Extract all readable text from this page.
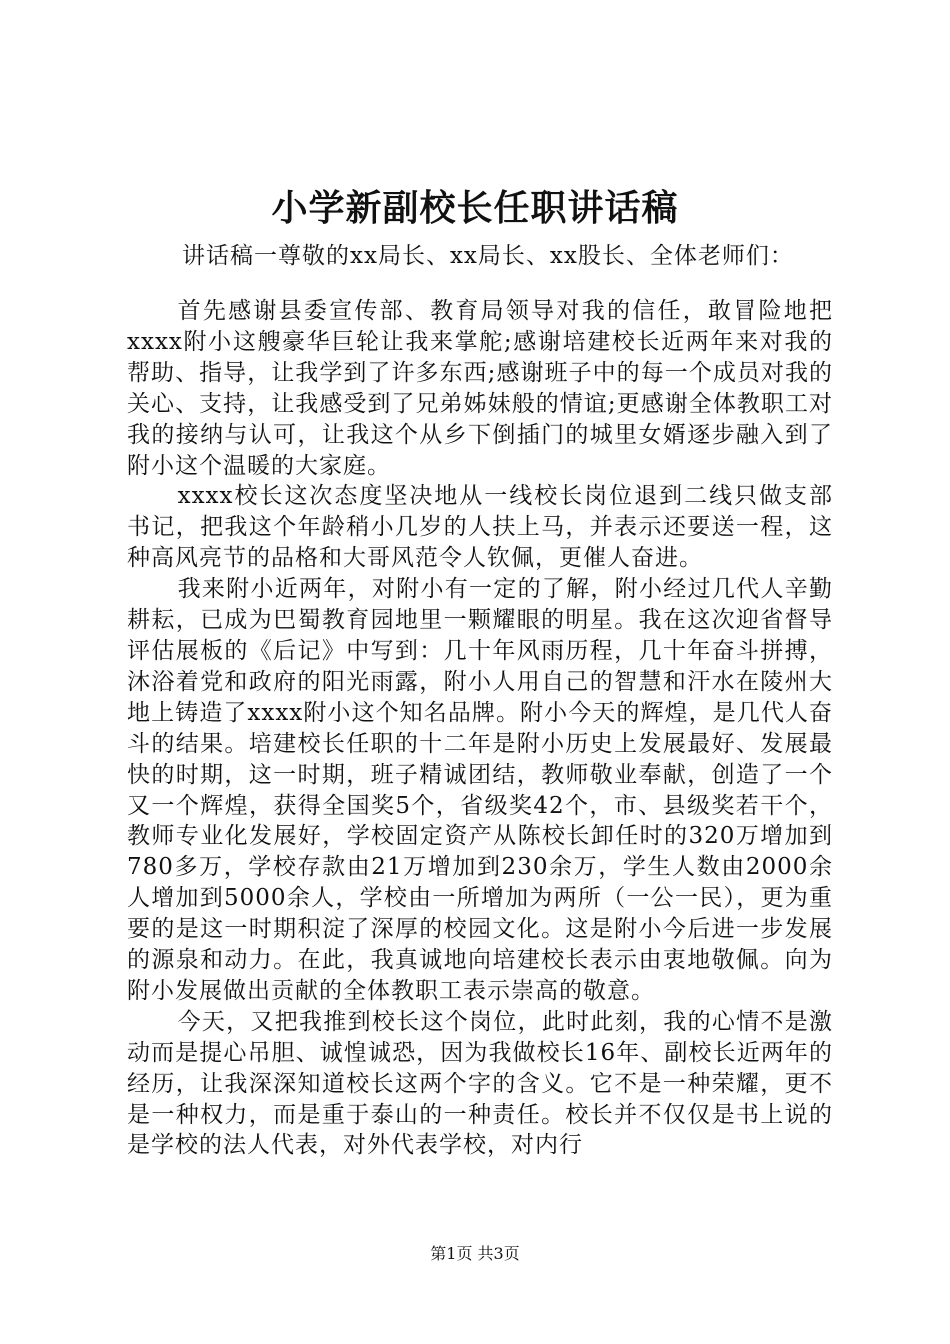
小学新副校长任职讲话稿

讲话稿一尊敬的xx局长、xx局长、xx股长、全体老师们：

首先感谢县委宣传部、教育局领导对我的信任，敢冒险地把xxxx附小这艘豪华巨轮让我来掌舵;感谢培建校长近两年来对我的帮助、指导，让我学到了许多东西;感谢班子中的每一个成员对我的关心、支持，让我感受到了兄弟姊妹般的情谊;更感谢全体教职工对我的接纳与认可，让我这个从乡下倒插门的城里女婿逐步融入到了附小这个温暖的大家庭。

xxxx校长这次态度坚决地从一线校长岗位退到二线只做支部书记，把我这个年龄稍小几岁的人扶上马，并表示还要送一程，这种高风亮节的品格和大哥风范令人钦佩，更催人奋进。

我来附小近两年，对附小有一定的了解，附小经过几代人辛勤耕耘，已成为巴蜀教育园地里一颗耀眼的明星。我在这次迎省督导评估展板的《后记》中写到：几十年风雨历程，几十年奋斗拼搏，沐浴着党和政府的阳光雨露，附小人用自己的智慧和汗水在陵州大地上铸造了xxxx附小这个知名品牌。附小今天的辉煌，是几代人奋斗的结果。培建校长任职的十二年是附小历史上发展最好、发展最快的时期，这一时期，班子精诚团结，教师敬业奉献，创造了一个又一个辉煌，获得全国奖5个，省级奖42个，市、县级奖若干个，教师专业化发展好，学校固定资产从陈校长卸任时的320万增加到780多万，学校存款由21万增加到230余万，学生人数由2000余人增加到5000余人，学校由一所增加为两所（一公一民），更为重要的是这一时期积淀了深厚的校园文化。这是附小今后进一步发展的源泉和动力。在此，我真诚地向培建校长表示由衷地敬佩。向为附小发展做出贡献的全体教职工表示崇高的敬意。

今天，又把我推到校长这个岗位，此时此刻，我的心情不是激动而是提心吊胆、诚惶诚恐，因为我做校长16年、副校长近两年的经历，让我深深知道校长这两个字的含义。它不是一种荣耀，更不是一种权力，而是重于泰山的一种责任。校长并不仅仅是书上说的是学校的法人代表，对外代表学校，对内行

第1页 共3页
